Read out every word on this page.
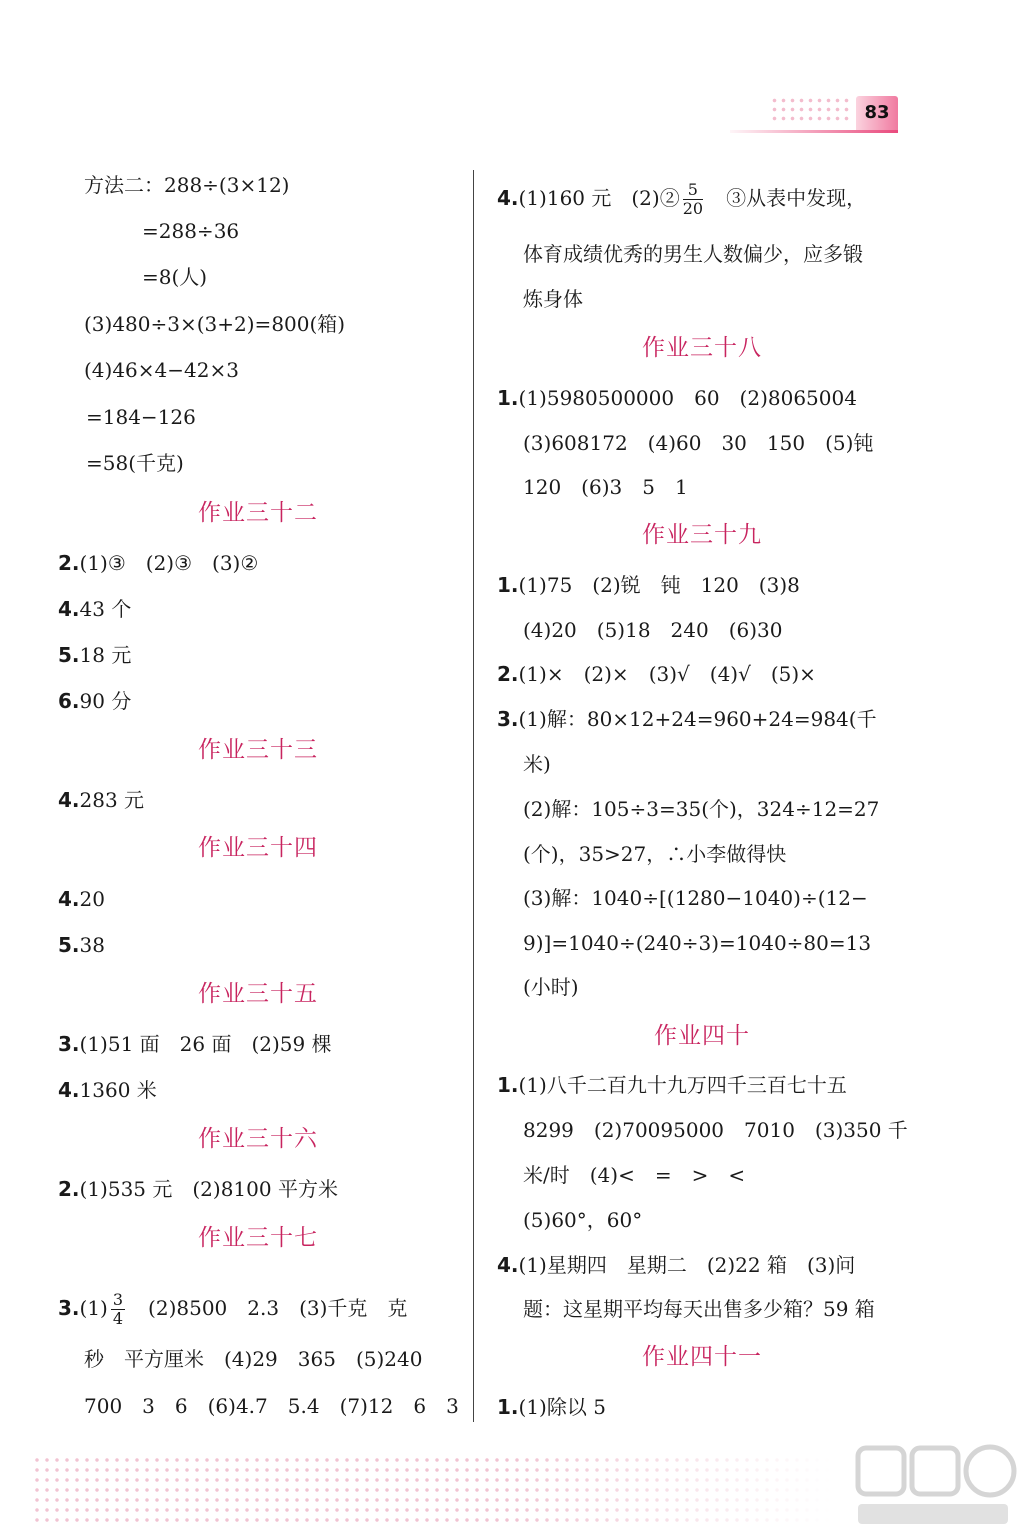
83
方法二：288÷(3×12)
=288÷36
=8(人)
(3)480÷3×(3+2)=800(箱)
(4)46×4−42×3
=184−126
=58(千克)
作业三十二
2.(1)③　(2)③　(3)②
4.43 个
5.18 元
6.90 分
作业三十三
4.283 元
作业三十四
4.20
5.38
作业三十五
3.(1)51 面　26 面　(2)59 棵
4.1360 米
作业三十六
2.(1)535 元　(2)8100 平方米
作业三十七
$3.(1) \frac{3}{4}$ 　(2)8500　2.3　(3)千克　克
秒　平方厘米　(4)29　365　(5)240
700　3　6　(6)4.7　5.4　(7)12　6　3
4.(1)160 元　(2)② $\frac{5}{20}$ 　③从表中发现，
体育成绩优秀的男生人数偏少，应多锻
炼身体
作业三十八
1.(1)5980500000　60　(2)8065004
(3)608172　(4)60　30　150　(5)钝
120　(6)3　5　1
作业三十九
1.(1)75　(2)锐　钝　120　(3)8
(4)20　(5)18　240　(6)30
2.(1)×　(2)×　(3)√　(4)√　(5)×
3.(1)解：80×12+24=960+24=984(千
米)
(2)解：105÷3=35(个)，324÷12=27
(个)，35>27，∴小李做得快
(3)解：1040÷[(1280−1040)÷(12−
9)]=1040÷(240÷3)=1040÷80=13
(小时)
作业四十
1.(1)八千二百九十九万四千三百七十五
8299　(2)70095000　7010　(3)350 千
米/时　(4)<　=　>　<
(5)60°，60°
4.(1)星期四　星期二　(2)22 箱　(3)问
题：这星期平均每天出售多少箱？59 箱
作业四十一
1.(1)除以 5
